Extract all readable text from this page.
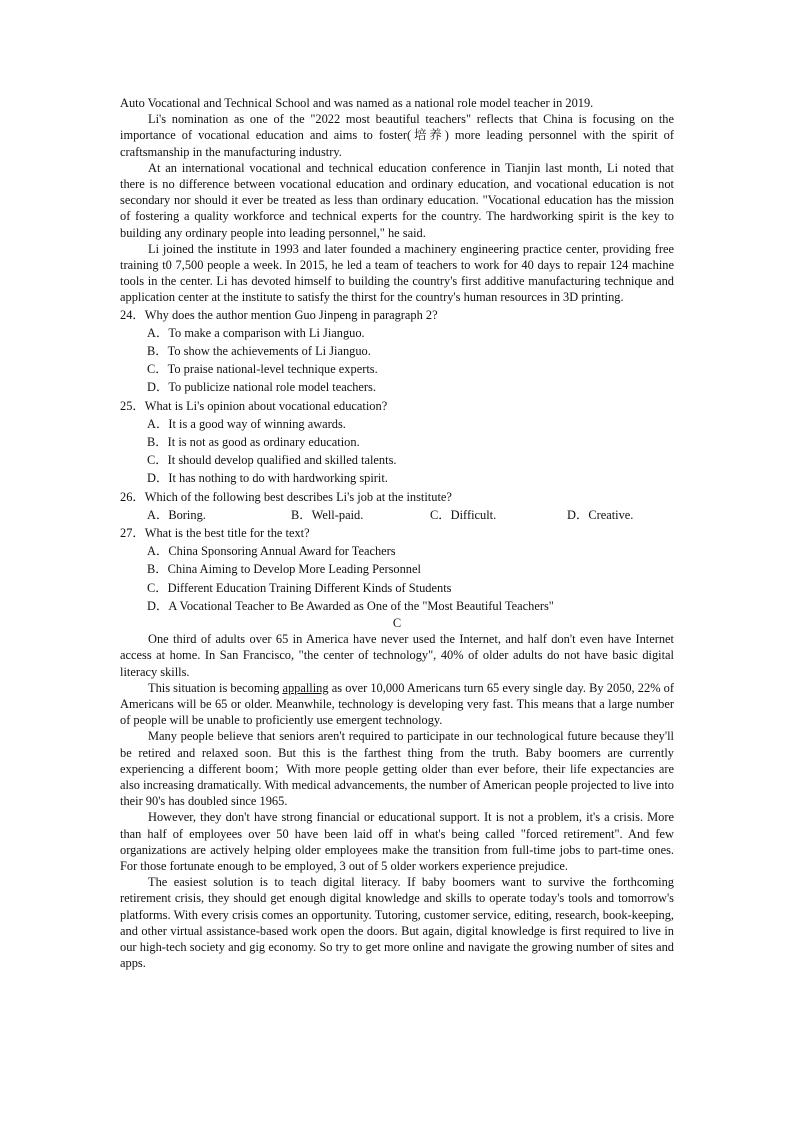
Auto Vocational and Technical School and was named as a national role model teacher in 2019.

Li's nomination as one of the "2022 most beautiful teachers" reflects that China is focusing on the importance of vocational education and aims to foster(培养) more leading personnel with the spirit of craftsmanship in the manufacturing industry.

At an international vocational and technical education conference in Tianjin last month, Li noted that there is no difference between vocational education and ordinary education, and vocational education is not secondary nor should it ever be treated as less than ordinary education. "Vocational education has the mission of fostering a quality workforce and technical experts for the country. The hardworking spirit is the key to building any ordinary people into leading personnel," he said.

Li joined the institute in 1993 and later founded a machinery engineering practice center, providing free training t0 7,500 people a week. In 2015, he led a team of teachers to work for 40 days to repair 124 machine tools in the center. Li has devoted himself to building the country's first additive manufacturing technique and application center at the institute to satisfy the thirst for the country's human resources in 3D printing.

24．Why does the author mention Guo Jinpeng in paragraph 2?

A．To make a comparison with Li Jianguo.

B．To show the achievements of Li Jianguo.

C．To praise national-level technique experts.

D．To publicize national role model teachers.

25．What is Li's opinion about vocational education?

A．It is a good way of winning awards.

B．It is not as good as ordinary education.

C．It should develop qualified and skilled talents.

D．It has nothing to do with hardworking spirit.

26．Which of the following best describes Li's job at the institute?

A．Boring.	B．Well-paid.	C．Difficult.	D．Creative.

27．What is the best title for the text?

A．China Sponsoring Annual Award for Teachers

B．China Aiming to Develop More Leading Personnel

C．Different Education Training Different Kinds of Students

D．A Vocational Teacher to Be Awarded as One of the "Most Beautiful Teachers"

C

One third of adults over 65 in America have never used the Internet, and half don't even have Internet access at home. In San Francisco, "the center of technology", 40% of older adults do not have basic digital literacy skills.

This situation is becoming appalling as over 10,000 Americans turn 65 every single day. By 2050, 22% of Americans will be 65 or older. Meanwhile, technology is developing very fast. This means that a large number of people will be unable to proficiently use emergent technology.

Many people believe that seniors aren't required to participate in our technological future because they'll be retired and relaxed soon. But this is the farthest thing from the truth. Baby boomers are currently experiencing a different boom；With more people getting older than ever before, their life expectancies are also increasing dramatically. With medical advancements, the number of American people projected to live into their 90's has doubled since 1965.

However, they don't have strong financial or educational support. It is not a problem, it's a crisis. More than half of employees over 50 have been laid off in what's being called "forced retirement". And few organizations are actively helping older employees make the transition from full-time jobs to part-time ones. For those fortunate enough to be employed, 3 out of 5 older workers experience prejudice.

The easiest solution is to teach digital literacy. If baby boomers want to survive the forthcoming retirement crisis, they should get enough digital knowledge and skills to operate today's tools and tomorrow's platforms. With every crisis comes an opportunity. Tutoring, customer service, editing, research, book-keeping, and other virtual assistance-based work open the doors. But again, digital knowledge is first required to live in our high-tech society and gig economy. So try to get more online and navigate the growing number of sites and apps.
